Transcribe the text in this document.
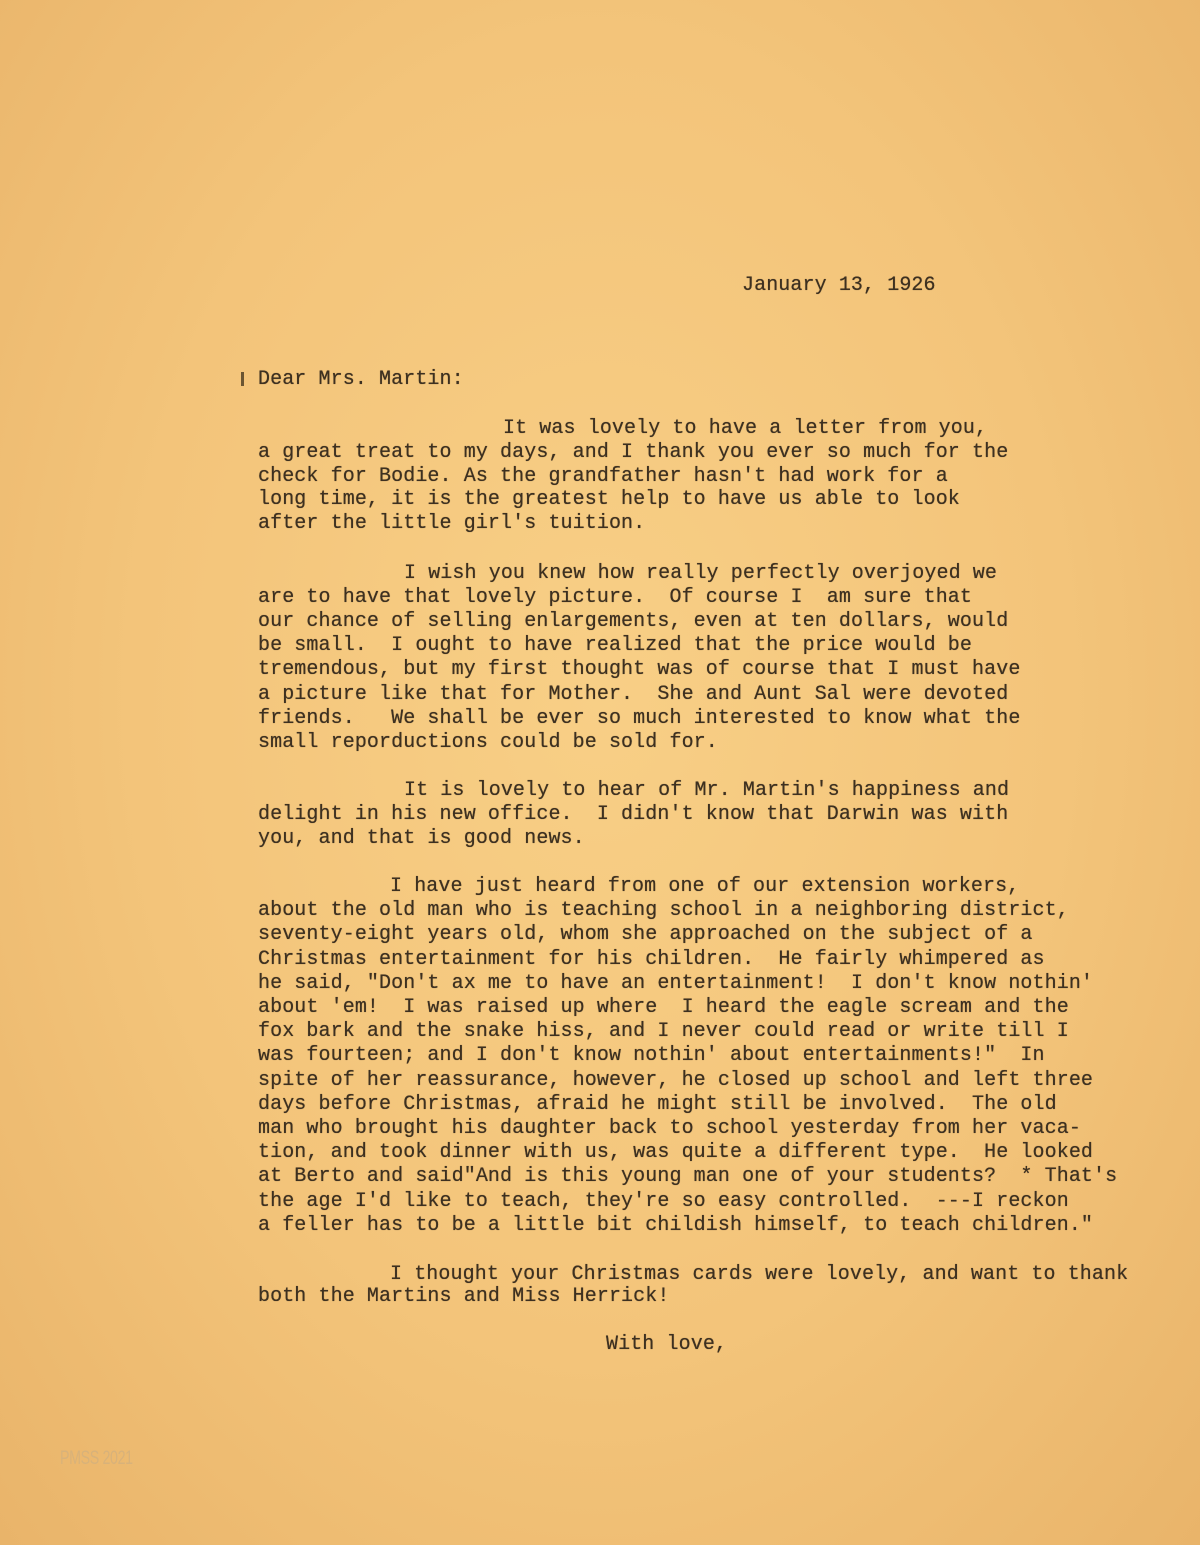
January 13, 1926
Dear Mrs. Martin:
It was lovely to have a letter from you,
a great treat to my days, and I thank you ever so much for the
check for Bodie. As the grandfather hasn't had work for a
long time, it is the greatest help to have us able to look
after the little girl's tuition.
I wish you knew how really perfectly overjoyed we
are to have that lovely picture.  Of course I  am sure that
our chance of selling enlargements, even at ten dollars, would
be small.  I ought to have realized that the price would be
tremendous, but my first thought was of course that I must have
a picture like that for Mother.  She and Aunt Sal were devoted
friends.   We shall be ever so much interested to know what the
small reporductions could be sold for.
It is lovely to hear of Mr. Martin's happiness and
delight in his new office.  I didn't know that Darwin was with
you, and that is good news.
I have just heard from one of our extension workers,
about the old man who is teaching school in a neighboring district,
seventy-eight years old, whom she approached on the subject of a
Christmas entertainment for his children.  He fairly whimpered as
he said, "Don't ax me to have an entertainment!  I don't know nothin'
about 'em!  I was raised up where  I heard the eagle scream and the
fox bark and the snake hiss, and I never could read or write till I
was fourteen; and I don't know nothin' about entertainments!"  In
spite of her reassurance, however, he closed up school and left three
days before Christmas, afraid he might still be involved.  The old
man who brought his daughter back to school yesterday from her vaca-
tion, and took dinner with us, was quite a different type.  He looked
at Berto and said"And is this young man one of your students?  * That's
the age I'd like to teach, they're so easy controlled.  ---I reckon
a feller has to be a little bit childish himself, to teach children."
I thought your Christmas cards were lovely, and want to thank
both the Martins and Miss Herrick!
With love,
PMSS 2021
